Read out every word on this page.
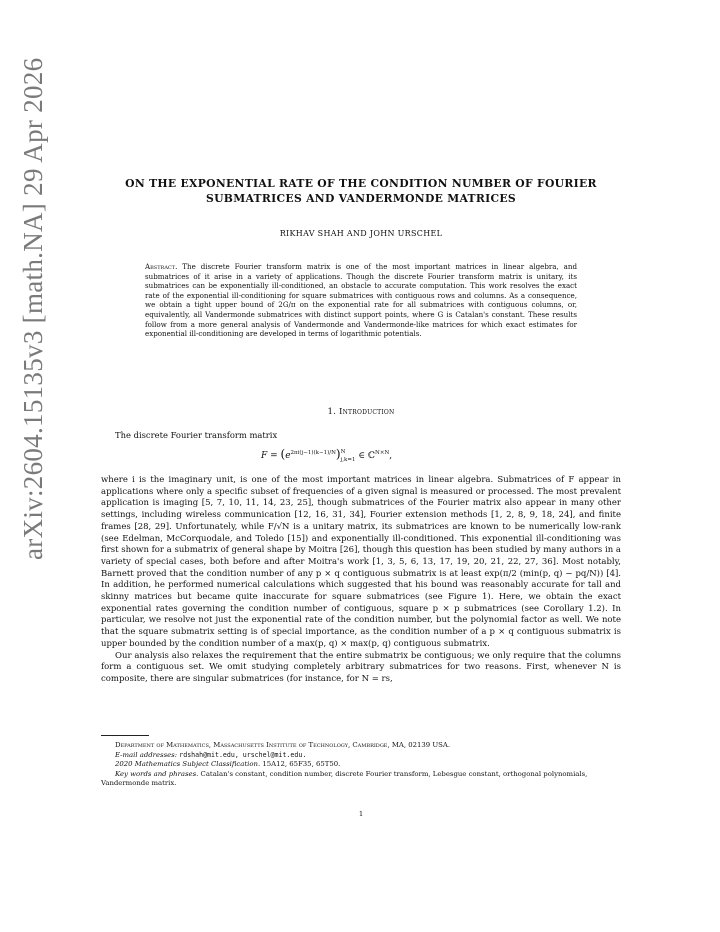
arXiv:2604.15135v3 [math.NA] 29 Apr 2026	ON THE EXPONENTIAL RATE OF THE CONDITION NUMBER OF FOURIER
SUBMATRICES AND VANDERMONDE MATRICES
RIKHAV SHAH AND JOHN URSCHEL
Abstract. The discrete Fourier transform matrix is one of the most important matrices in linear algebra, and submatrices of it arise in a variety of applications. Though the discrete Fourier transform matrix is unitary, its submatrices can be exponentially ill-conditioned, an obstacle to accurate computation. This work resolves the exact rate of the exponential ill-conditioning for square submatrices with contiguous rows and columns. As a consequence, we obtain a tight upper bound of 2G/π on the exponential rate for all submatrices with contiguous columns, or, equivalently, all Vandermonde submatrices with distinct support points, where G is Catalan's constant. These results follow from a more general analysis of Vandermonde and Vandermonde-like matrices for which exact estimates for exponential ill-conditioning are developed in terms of logarithmic potentials.
1. Introduction
The discrete Fourier transform matrix
$F = (e^{2\pi i(j-1)(k-1)/N})$ N
j,k=1 ∈ ℂ$^{N\times N}$,

where i is the imaginary unit, is one of the most important matrices in linear algebra. Submatrices of F appear in applications where only a specific subset of frequencies of a given signal is measured or processed. The most prevalent application is imaging [5, 7, 10, 11, 14, 23, 25], though submatrices of the Fourier matrix also appear in many other settings, including wireless communication [12, 16, 31, 34], Fourier extension methods [1, 2, 8, 9, 18, 24], and finite frames [28, 29]. Unfortunately, while F/√N is a unitary matrix, its submatrices are known to be numerically low-rank (see Edelman, McCorquodale, and Toledo [15]) and exponentially ill-conditioned. This exponential ill-conditioning was first shown for a submatrix of general shape by Moitra [26], though this question has been studied by many authors in a variety of special cases, both before and after Moitra's work [1, 3, 5, 6, 13, 17, 19, 20, 21, 22, 27, 36]. Most notably, Barnett proved that the condition number of any p × q contiguous submatrix is at least exp(π/2 (min(p, q) − pq/N)) [4]. In addition, he performed numerical calculations which suggested that his bound was reasonably accurate for tall and skinny matrices but became quite inaccurate for square submatrices (see Figure 1). Here, we obtain the exact exponential rates governing the condition number of contiguous, square p × p submatrices (see Corollary 1.2). In particular, we resolve not just the exponential rate of the condition number, but the polynomial factor as well. We note that the square submatrix setting is of special importance, as the condition number of a p × q contiguous submatrix is upper bounded by the condition number of a max(p, q) × max(p, q) contiguous submatrix.

Our analysis also relaxes the requirement that the entire submatrix be contiguous; we only require that the columns form a contiguous set. We omit studying completely arbitrary submatrices for two reasons. First, whenever N is composite, there are singular submatrices (for instance, for N = rs,

Department of Mathematics, Massachusetts Institute of Technology, Cambridge, MA, 02139 USA.
E-mail addresses: rdshah@mit.edu, urschel@mit.edu.
2020 Mathematics Subject Classification. 15A12, 65F35, 65T50.
Key words and phrases. Catalan's constant, condition number, discrete Fourier transform, Lebesgue constant, orthogonal polynomials, Vandermonde matrix.
1
